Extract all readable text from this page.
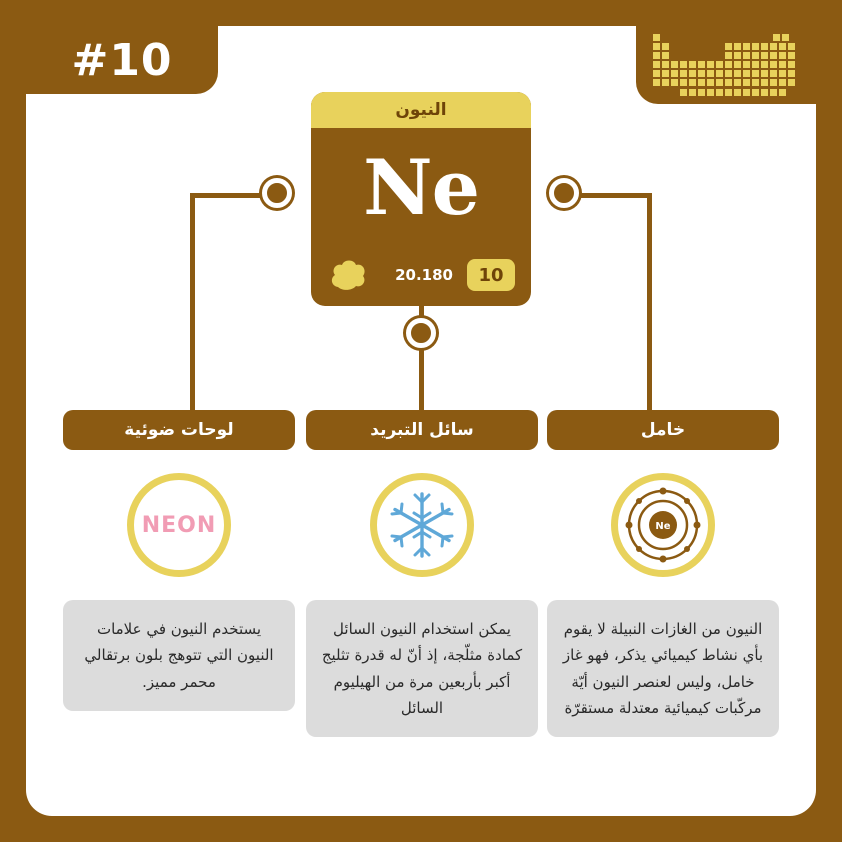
#10
النيون
Ne
10
20.180
خامل
Ne
النيون من الغازات النبيلة لا يقوم بأي نشاط كيميائي يذكر، فهو غاز خامل، وليس لعنصر النيون أيّة مركّبات كيميائية معتدلة مستقرّة
سائل التبريد
يمكن استخدام النيون السائل كمادة مثلّجة، إذ أنّ له قدرة تثليج أكبر بأربعين مرة من الهيليوم السائل
لوحات ضوئية
NEON
يستخدم النيون في علامات النيون التي تتوهج بلون برتقالي محمر مميز.
